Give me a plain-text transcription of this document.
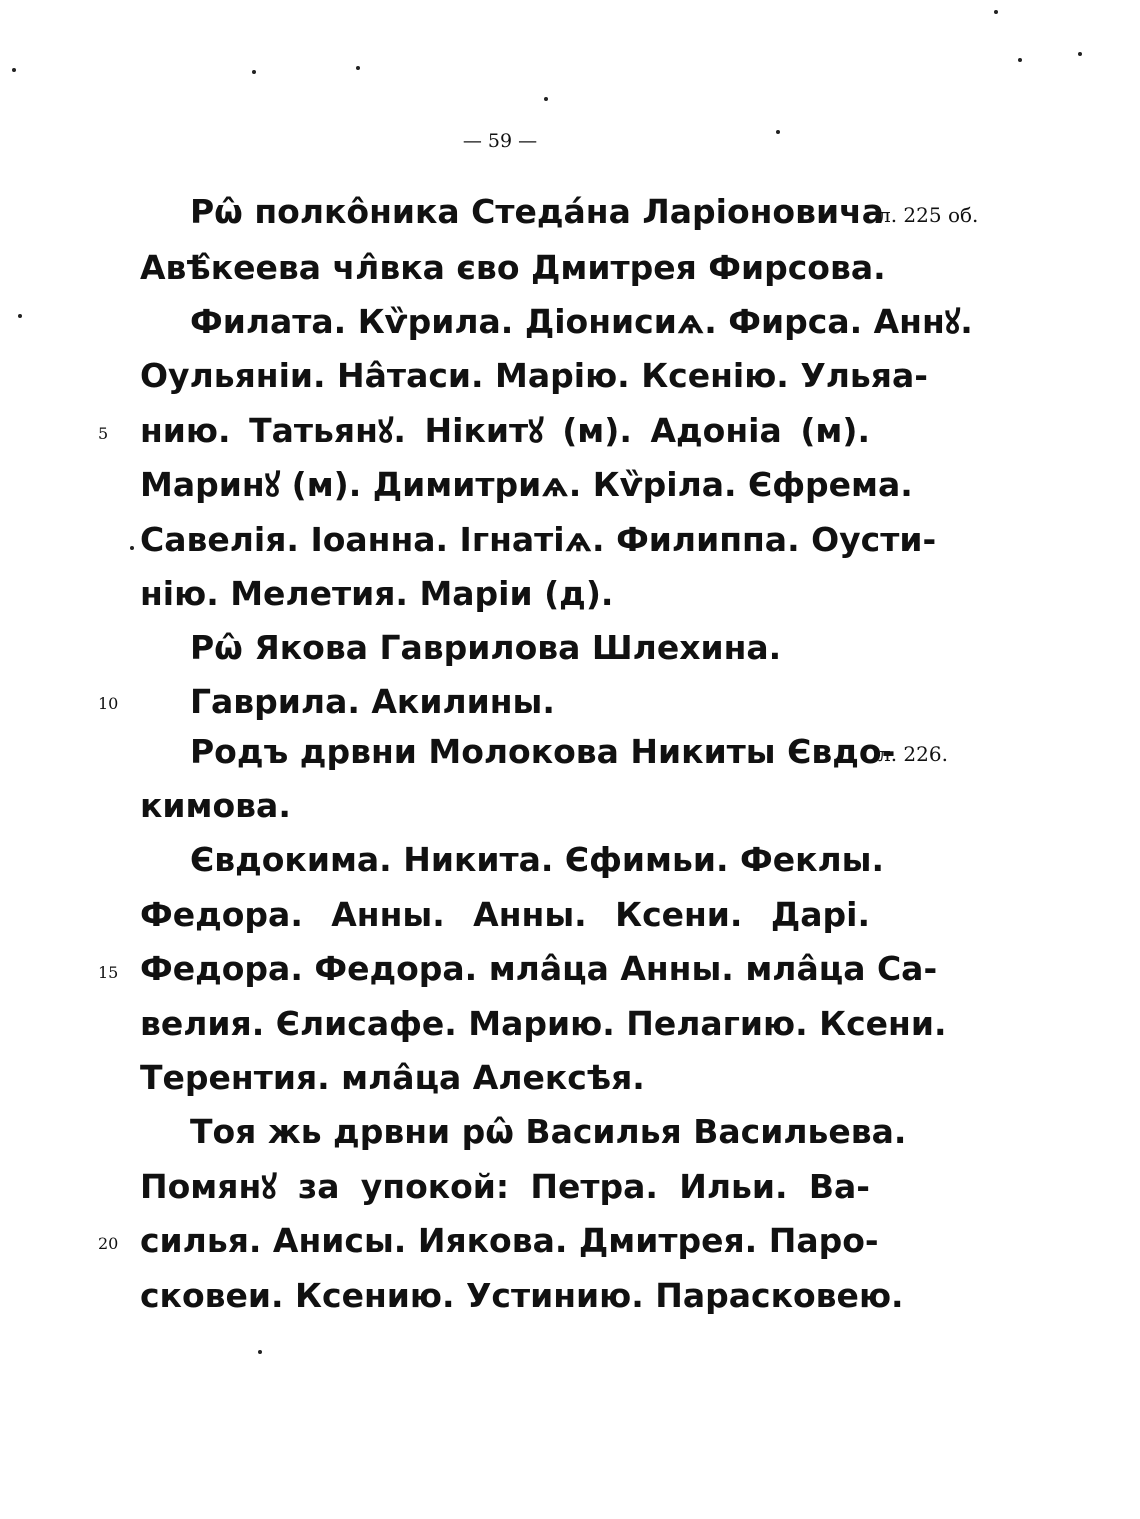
— 59 —
Рѡ̂ полко̂ника Стедáна Ларіоновича
Авѣ̂кеева чл̂вка єво Дмитрея Фирсова.
Филата. Кѷрила. Діонисиѧ. Фирса. Аннꙋ.
Оульяніи. На̂таси. Марію. Ксенію. Ульяа-
нию. Татьянꙋ. Нікитꙋ (м). Адоніа (м).
Маринꙋ (м). Димитриѧ. Кѷріла. Єфрема.
Савелія. Іоанна. Ігнатіѧ. Филиппа. Оусти-
нію. Мелетия. Маріи (д).
Рѡ̂ Якова Гаврилова Шлехина.
Гаврила. Акилины.
Родъ дрвни Молокова Никиты Євдо-
кимова.
Євдокима. Никита. Єфимьи. Феклы.
Федора. Анны. Анны. Ксени. Дарі.
Федора. Федора. мла̂ца Анны. мла̂ца Са-
велия. Єлисафе. Марию. Пелагию. Ксени.
Терентия. мла̂ца Алексѣя.
Тоя жь дрвни рѡ̂ Василья Васильева.
Помянꙋ за упокой: Петра. Ильи. Ва-
силья. Анисы. Иякова. Дмитрея. Паро-
сковеи. Ксению. Устинию. Парасковею.
5
10
15
20
л. 225 об.
л. 226.
